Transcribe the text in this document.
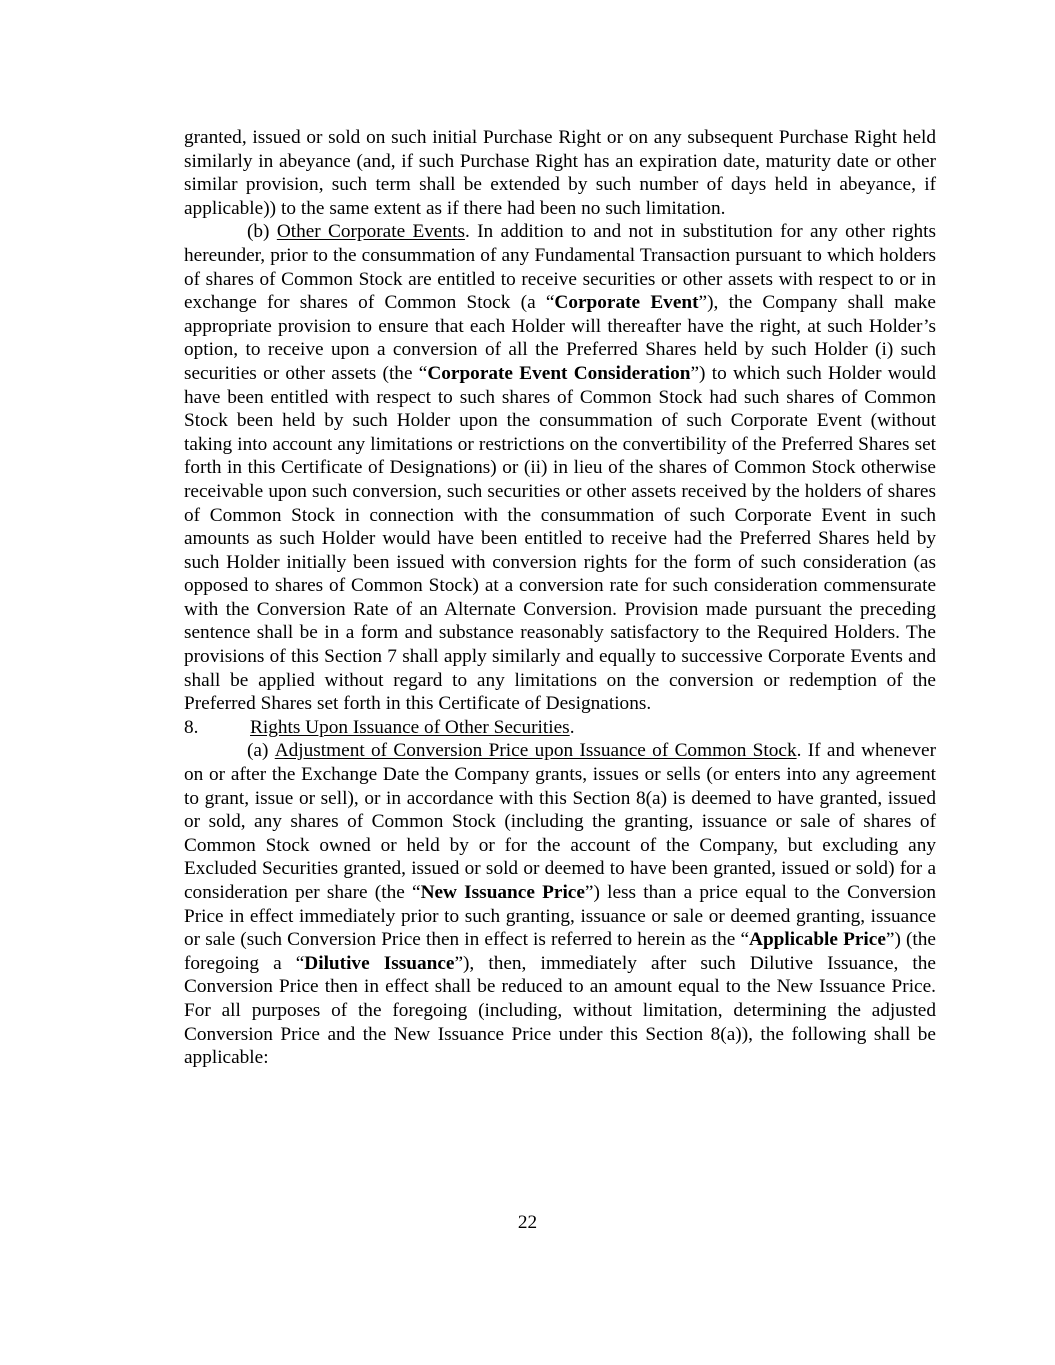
granted, issued or sold on such initial Purchase Right or on any subsequent Purchase Right held similarly in abeyance (and, if such Purchase Right has an expiration date, maturity date or other similar provision, such term shall be extended by such number of days held in abeyance, if applicable)) to the same extent as if there had been no such limitation.

(b) Other Corporate Events. In addition to and not in substitution for any other rights hereunder, prior to the consummation of any Fundamental Transaction pursuant to which holders of shares of Common Stock are entitled to receive securities or other assets with respect to or in exchange for shares of Common Stock (a “Corporate Event”), the Company shall make appropriate provision to ensure that each Holder will thereafter have the right, at such Holder’s option, to receive upon a conversion of all the Preferred Shares held by such Holder (i) such securities or other assets (the “Corporate Event Consideration”) to which such Holder would have been entitled with respect to such shares of Common Stock had such shares of Common Stock been held by such Holder upon the consummation of such Corporate Event (without taking into account any limitations or restrictions on the convertibility of the Preferred Shares set forth in this Certificate of Designations) or (ii) in lieu of the shares of Common Stock otherwise receivable upon such conversion, such securities or other assets received by the holders of shares of Common Stock in connection with the consummation of such Corporate Event in such amounts as such Holder would have been entitled to receive had the Preferred Shares held by such Holder initially been issued with conversion rights for the form of such consideration (as opposed to shares of Common Stock) at a conversion rate for such consideration commensurate with the Conversion Rate of an Alternate Conversion. Provision made pursuant the preceding sentence shall be in a form and substance reasonably satisfactory to the Required Holders. The provisions of this Section 7 shall apply similarly and equally to successive Corporate Events and shall be applied without regard to any limitations on the conversion or redemption of the Preferred Shares set forth in this Certificate of Designations.

8.	Rights Upon Issuance of Other Securities.

(a) Adjustment of Conversion Price upon Issuance of Common Stock. If and whenever on or after the Exchange Date the Company grants, issues or sells (or enters into any agreement to grant, issue or sell), or in accordance with this Section 8(a) is deemed to have granted, issued or sold, any shares of Common Stock (including the granting, issuance or sale of shares of Common Stock owned or held by or for the account of the Company, but excluding any Excluded Securities granted, issued or sold or deemed to have been granted, issued or sold) for a consideration per share (the “New Issuance Price”) less than a price equal to the Conversion Price in effect immediately prior to such granting, issuance or sale or deemed granting, issuance or sale (such Conversion Price then in effect is referred to herein as the “Applicable Price”) (the foregoing a “Dilutive Issuance”), then, immediately after such Dilutive Issuance, the Conversion Price then in effect shall be reduced to an amount equal to the New Issuance Price. For all purposes of the foregoing (including, without limitation, determining the adjusted Conversion Price and the New Issuance Price under this Section 8(a)), the following shall be applicable:

22
